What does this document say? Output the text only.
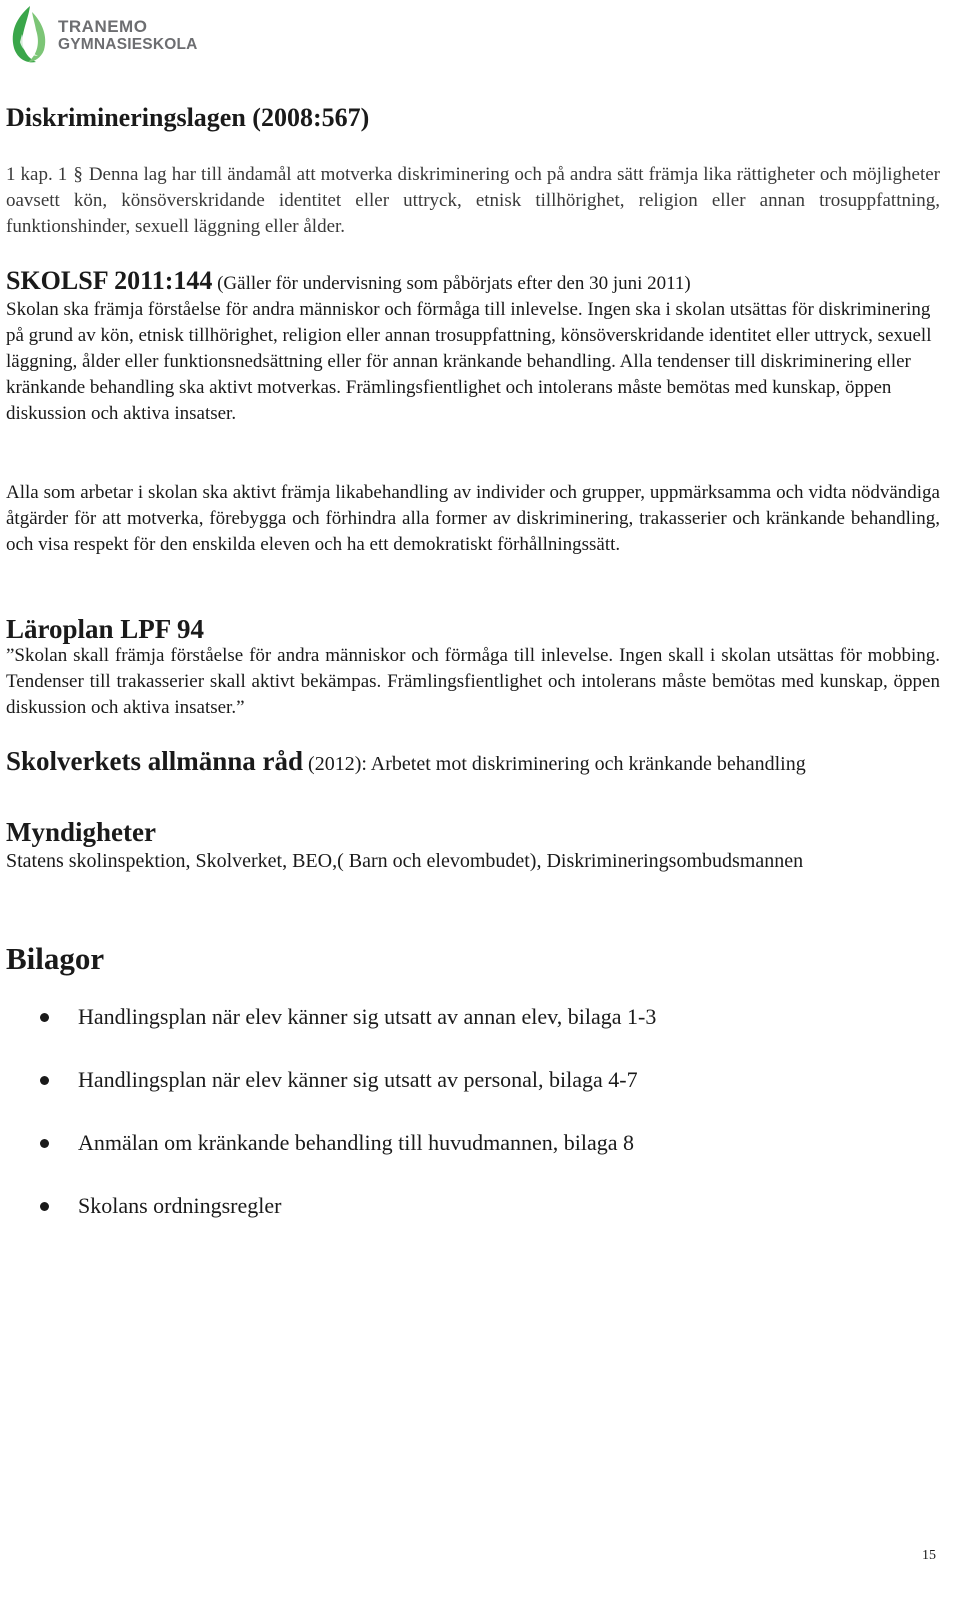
TRANEMO
GYMNASIESKOLA
Diskrimineringslagen (2008:567)
1 kap. 1 § Denna lag har till ändamål att motverka diskriminering och på andra sätt främja lika rättigheter och möjligheter oavsett kön, könsöverskridande identitet eller uttryck, etnisk tillhörighet, religion eller annan trosuppfattning, funktionshinder, sexuell läggning eller ålder.
SKOLSF 2011:144 (Gäller för undervisning som påbörjats efter den 30 juni 2011)
Skolan ska främja förståelse för andra människor och förmåga till inlevelse. Ingen ska i skolan utsättas för diskriminering på grund av kön, etnisk tillhörighet, religion eller annan trosuppfattning, könsöverskridande identitet eller uttryck, sexuell läggning, ålder eller funktionsnedsättning eller för annan kränkande behandling. Alla tendenser till diskriminering eller kränkande behandling ska aktivt motverkas. Främlingsfientlighet och intolerans måste bemötas med kunskap, öppen diskussion och aktiva insatser.
Alla som arbetar i skolan ska aktivt främja likabehandling av individer och grupper, uppmärksamma och vidta nödvändiga åtgärder för att motverka, förebygga och förhindra alla former av diskriminering, trakasserier och kränkande behandling, och visa respekt för den enskilda eleven och ha ett demokratiskt förhållningssätt.
Läroplan LPF 94
”Skolan skall främja förståelse för andra människor och förmåga till inlevelse. Ingen skall i skolan utsättas för mobbing. Tendenser till trakasserier skall aktivt bekämpas. Främlingsfientlighet och intolerans måste bemötas med kunskap, öppen diskussion och aktiva insatser.”
Skolverkets allmänna råd (2012): Arbetet mot diskriminering och kränkande behandling
Myndigheter
Statens skolinspektion, Skolverket, BEO,( Barn och elevombudet), Diskrimineringsombudsmannen
Bilagor
Handlingsplan när elev känner sig utsatt av annan elev, bilaga 1-3
Handlingsplan när elev känner sig utsatt av personal, bilaga 4-7
Anmälan om kränkande behandling till huvudmannen, bilaga 8
Skolans ordningsregler
15
